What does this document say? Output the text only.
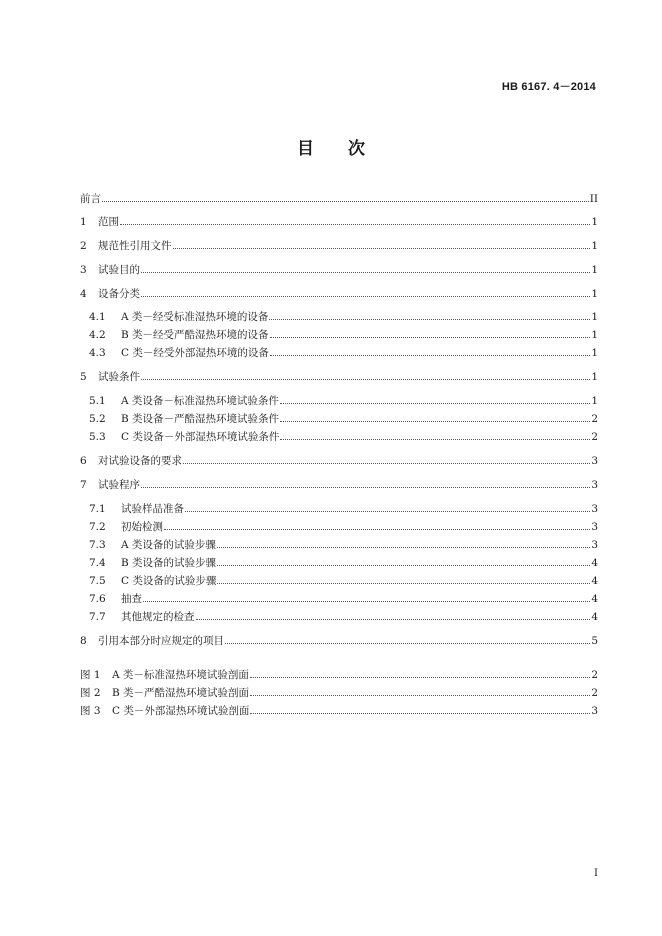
HB 6167. 4－2014
目　　次
前言	II
1	范围	1
2	规范性引用文件	1
3	试验目的	1
4	设备分类	1
4.1	A 类－经受标准湿热环境的设备	1
4.2	B 类－经受严酷湿热环境的设备	1
4.3	C 类－经受外部湿热环境的设备	1
5	试验条件	1
5.1	A 类设备－标准湿热环境试验条件	1
5.2	B 类设备－严酷湿热环境试验条件	2
5.3	C 类设备－外部湿热环境试验条件	2
6	对试验设备的要求	3
7	试验程序	3
7.1	试验样品准备	3
7.2	初始检测	3
7.3	A 类设备的试验步骤	3
7.4	B 类设备的试验步骤	4
7.5	C 类设备的试验步骤	4
7.6	抽查	4
7.7	其他规定的检查	4
8	引用本部分时应规定的项目	5
图 1	A 类－标准湿热环境试验剖面	2
图 2	B 类－严酷湿热环境试验剖面	2
图 3	C 类－外部湿热环境试验剖面	3
I
